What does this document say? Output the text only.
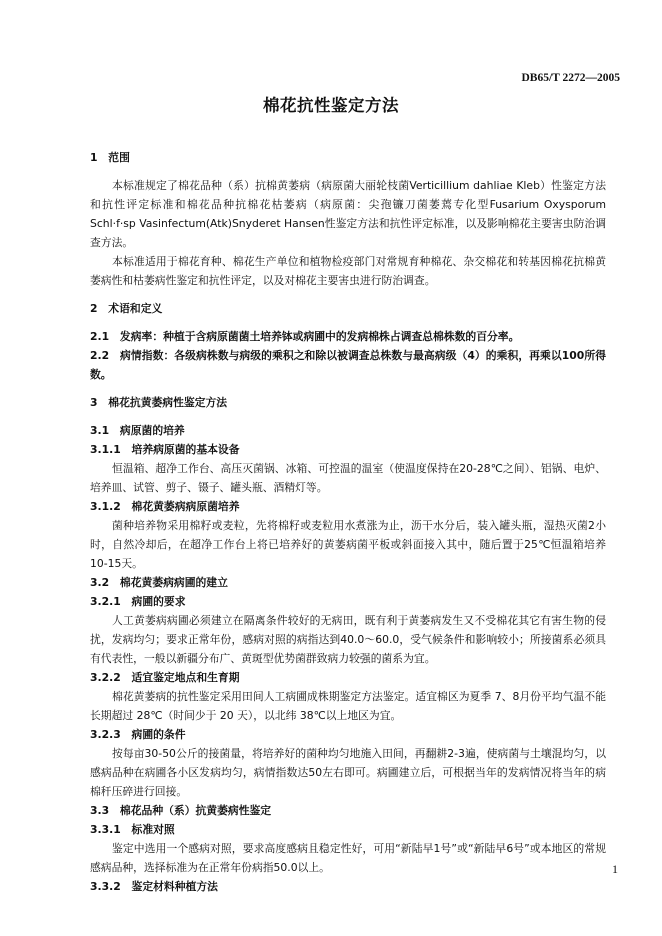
DB65/T 2272—2005
棉花抗性鉴定方法

1　范围

本标准规定了棉花品种（系）抗棉黄萎病（病原菌大丽轮枝菌Verticillium dahliae Kleb）性鉴定方法和抗性评定标准和棉花品种抗棉花枯萎病（病原菌：尖孢镰刀菌萎蔫专化型Fusarium Oxysporum Schl·f·sp Vasinfectum(Atk)Snyderet Hansen性鉴定方法和抗性评定标准，以及影响棉花主要害虫防治调查方法。

本标准适用于棉花育种、棉花生产单位和植物检疫部门对常规育种棉花、杂交棉花和转基因棉花抗棉黄萎病性和枯萎病性鉴定和抗性评定，以及对棉花主要害虫进行防治调查。

2　术语和定义

2.1　发病率：种植于含病原菌菌土培养钵或病圃中的发病棉株占调查总棉株数的百分率。

2.2　病情指数：各级病株数与病级的乘积之和除以被调查总株数与最高病级（4）的乘积，再乘以100所得数。

3　棉花抗黄萎病性鉴定方法

3.1　病原菌的培养

3.1.1　培养病原菌的基本设备

恒温箱、超净工作台、高压灭菌锅、冰箱、可控温的温室（使温度保持在20-28℃之间）、铝锅、电炉、培养皿、试管、剪子、镊子、罐头瓶、酒精灯等。

3.1.2　棉花黄萎病病原菌培养

菌种培养物采用棉籽或麦粒，先将棉籽或麦粒用水煮涨为止，沥干水分后，装入罐头瓶，湿热灭菌2小时，自然冷却后，在超净工作台上将已培养好的黄萎病菌平板或斜面接入其中，随后置于25℃恒温箱培养10-15天。

3.2　棉花黄萎病病圃的建立

3.2.1　病圃的要求

人工黄萎病病圃必须建立在隔离条件较好的无病田，既有利于黄萎病发生又不受棉花其它有害生物的侵扰，发病均匀；要求正常年份，感病对照的病指达到40.0～60.0，受气候条件和影响较小；所接菌系必须具有代表性，一般以新疆分布广、黄斑型优势菌群致病力较强的菌系为宜。

3.2.2　适宜鉴定地点和生育期

棉花黄萎病的抗性鉴定采用田间人工病圃成株期鉴定方法鉴定。适宜棉区为夏季 7、8月份平均气温不能长期超过 28℃（时间少于 20 天），以北纬 38℃以上地区为宜。

3.2.3　病圃的条件

按每亩30-50公斤的接菌量，将培养好的菌种均匀地施入田间，再翻耕2-3遍，使病菌与土壤混均匀，以感病品种在病圃各小区发病均匀，病情指数达50左右即可。病圃建立后，可根据当年的发病情况将当年的病棉秆压碎进行回接。

3.3　棉花品种（系）抗黄萎病性鉴定

3.3.1　标准对照

鉴定中选用一个感病对照，要求高度感病且稳定性好，可用“新陆早1号”或“新陆早6号”或本地区的常规感病品种，选择标准为在正常年份病指50.0以上。

3.3.2　鉴定材料种植方法

1
